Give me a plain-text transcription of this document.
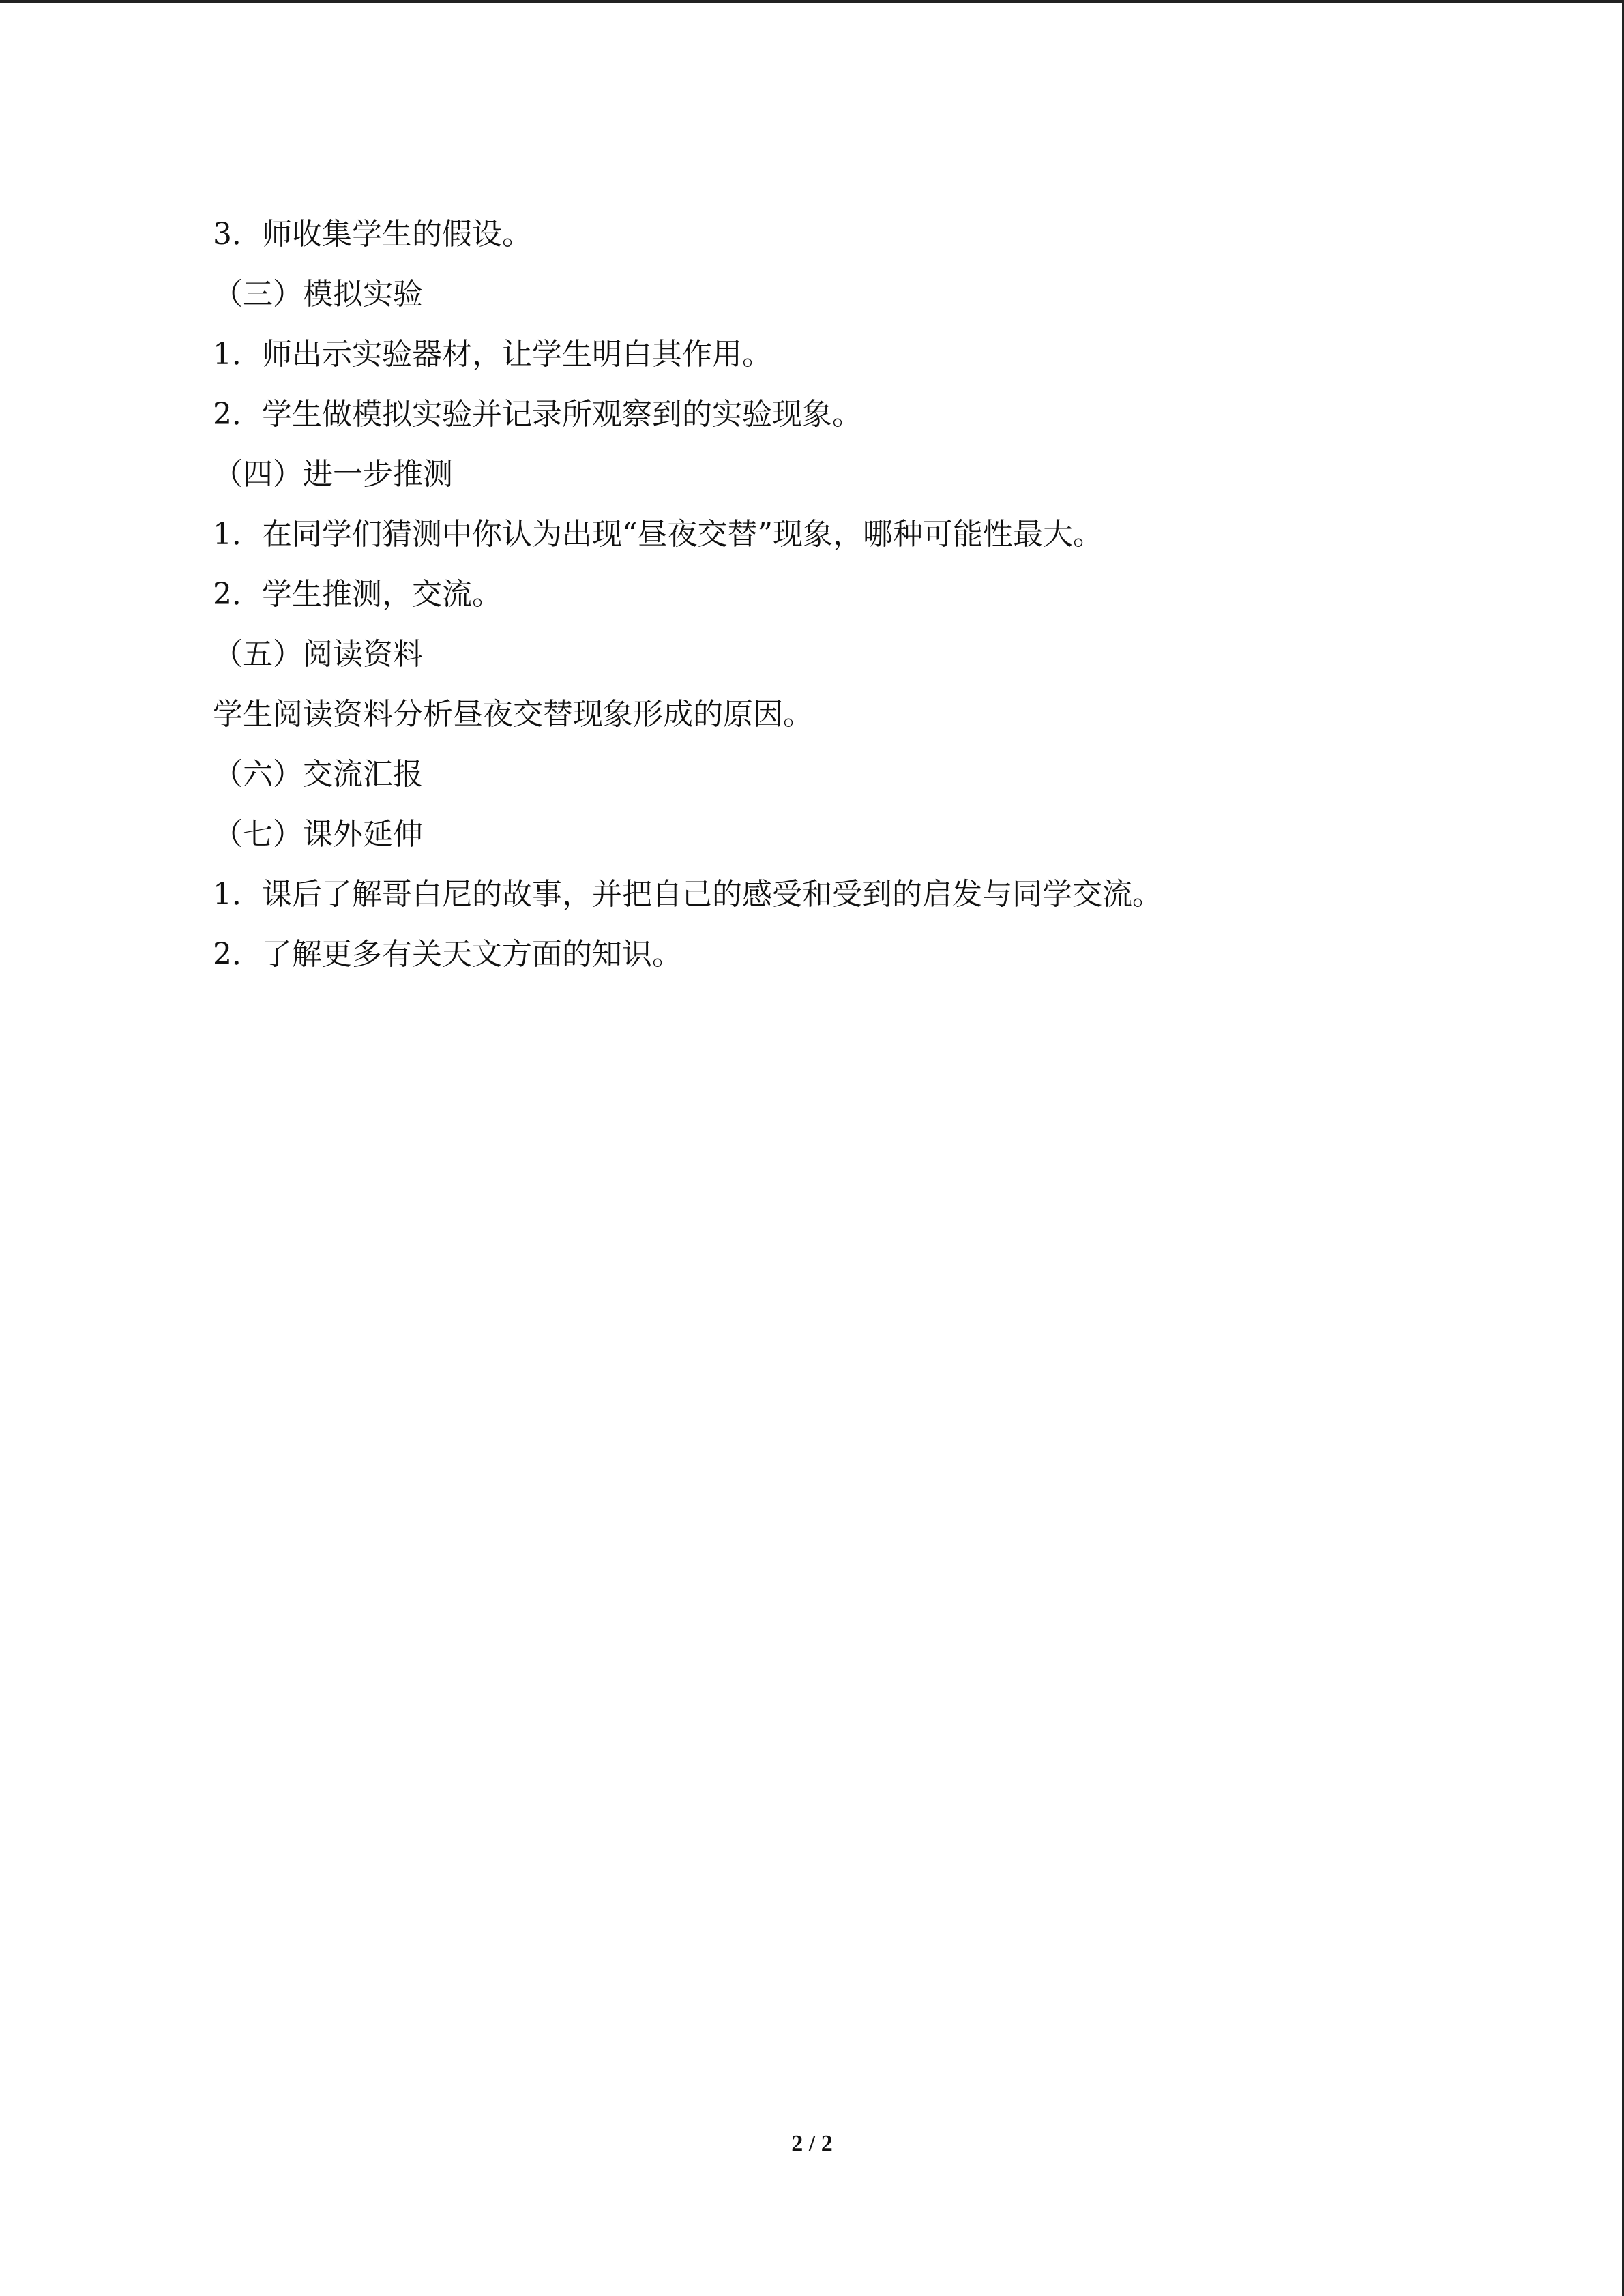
3．师收集学生的假设。
（三）模拟实验
1．师出示实验器材，让学生明白其作用。
2．学生做模拟实验并记录所观察到的实验现象。
（四）进一步推测
1．在同学们猜测中你认为出现“昼夜交替”现象，哪种可能性最大。
2．学生推测，交流。
（五）阅读资料
学生阅读资料分析昼夜交替现象形成的原因。
（六）交流汇报
（七）课外延伸
1．课后了解哥白尼的故事，并把自己的感受和受到的启发与同学交流。
2．了解更多有关天文方面的知识。
2 / 2
